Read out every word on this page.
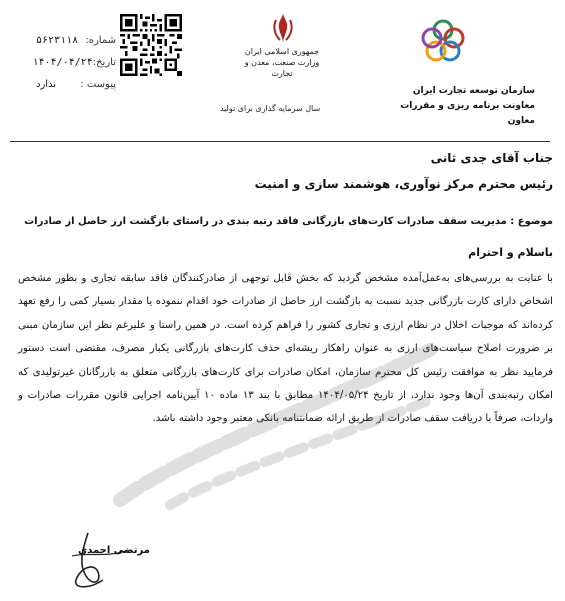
شماره:
۵۶۲۳۱۱۸
تاریخ:
۱۴۰۴/۰۴/۲۴
پیوست :
ندارد
جمهوری اسلامی ایران
وزارت صنعت، معدن و تجارت
سال سرمایه گذاری برای تولید
سازمان توسعه تجارت ایران
معاونت برنامه ریزی و مقررات
معاون
جناب آقای جدی ثانی
رئیس محترم مرکز نوآوری، هوشمند سازی و امنیت
موضوع : مدیریت سقف صادرات کارت‌های بازرگانی فاقد رتبه بندی در راستای بازگشت ارز حاصل از صادرات
باسلام و احترام
با عنایت به بررسی‌های به‌عمل‌آمده مشخص گردید که بخش قابل توجهی از صادرکنندگان فاقد سابقه تجاری و بطور مشخص اشخاص دارای کارت بازرگانی جدید نسبت به بازگشت ارز حاصل از صادرات خود اقدام ننموده یا مقدار بسیار کمی را رفع تعهد کرده‌اند که موجبات اخلال در نظام ارزی و تجاری کشور را فراهم کرده است. در همین راستا و علیرغم نظر این سازمان مبنی بر ضرورت اصلاح سیاست‌های ارزی به عنوان راهکار ریشه‌ای حذف کارت‌های بازرگانی یکبار مصرف، مقتضی است دستور فرمایید نظر به موافقت رئیس کل محترم سازمان، امکان صادرات برای کارت‌های بازرگانی متعلق به بازرگانان غیرتولیدی که امکان رتبه‌بندی آن‌ها وجود ندارد، از تاریخ ۱۴۰۴/۰۵/۲۴ مطابق با بند ۱۳ ماده ۱۰ آیین‌نامه اجرایی قانون مقررات صادرات و واردات، صرفاً با دریافت سقف صادرات از طریق ارائه ضمانتنامه بانکی معتبر وجود داشته باشد.
مرتضی احمدی
